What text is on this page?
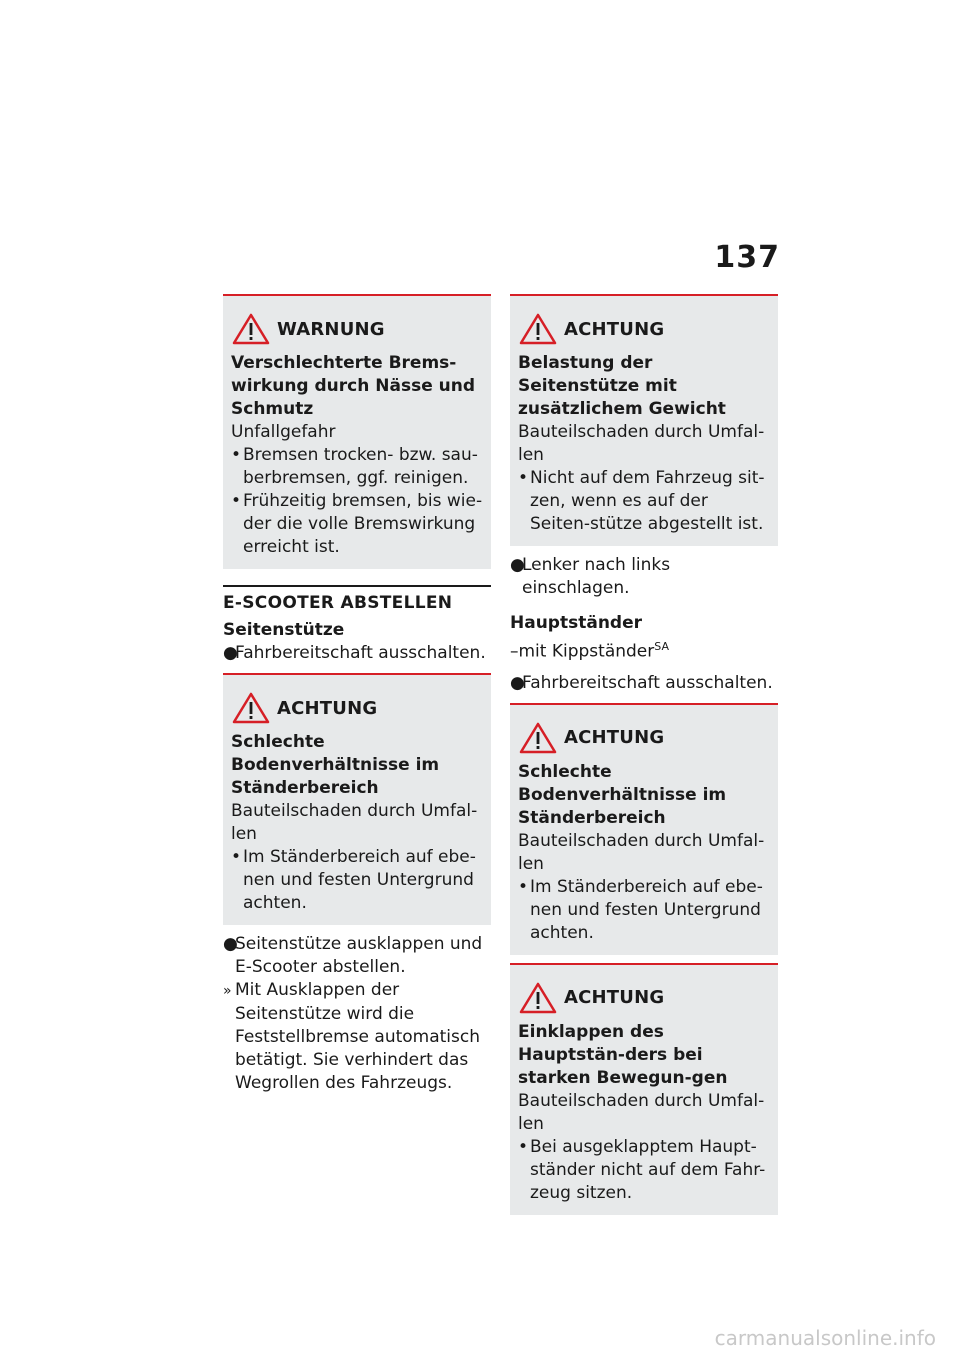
137
WARNUNG
Verschlechterte Brems-wirkung durch Nässe und Schmutz
Unfallgefahr
• Bremsen trocken- bzw. sau-berbremsen, ggf. reinigen.
• Frühzeitig bremsen, bis wie-der die volle Bremswirkung erreicht ist.
E-SCOOTER ABSTELLEN
Seitenstütze
●Fahrbereitschaft ausschalten.
ACHTUNG
Schlechte Bodenverhältnisse im Ständerbereich
Bauteilschaden durch Umfal-len
• Im Ständerbereich auf ebe-nen und festen Untergrund achten.
●Seitenstütze ausklappen und E-Scooter abstellen.
» Mit Ausklappen der Seitenstütze wird die Feststellbremse automatisch betätigt. Sie verhindert das Wegrollen des Fahrzeugs.
ACHTUNG
Belastung der Seitenstütze mit zusätzlichem Gewicht
Bauteilschaden durch Umfal-len
• Nicht auf dem Fahrzeug sit-zen, wenn es auf der Seiten-stütze abgestellt ist.
●Lenker nach links einschlagen.
Hauptständer
–mit Kippständer$^{SA}$
●Fahrbereitschaft ausschalten.
ACHTUNG
Schlechte Bodenverhältnisse im Ständerbereich
Bauteilschaden durch Umfal-len
• Im Ständerbereich auf ebe-nen und festen Untergrund achten.
ACHTUNG
Einklappen des Hauptstän-ders bei starken Bewegun-gen
Bauteilschaden durch Umfal-len
• Bei ausgeklapptem Haupt-ständer nicht auf dem Fahr-zeug sitzen.
carmanualsonline.info
